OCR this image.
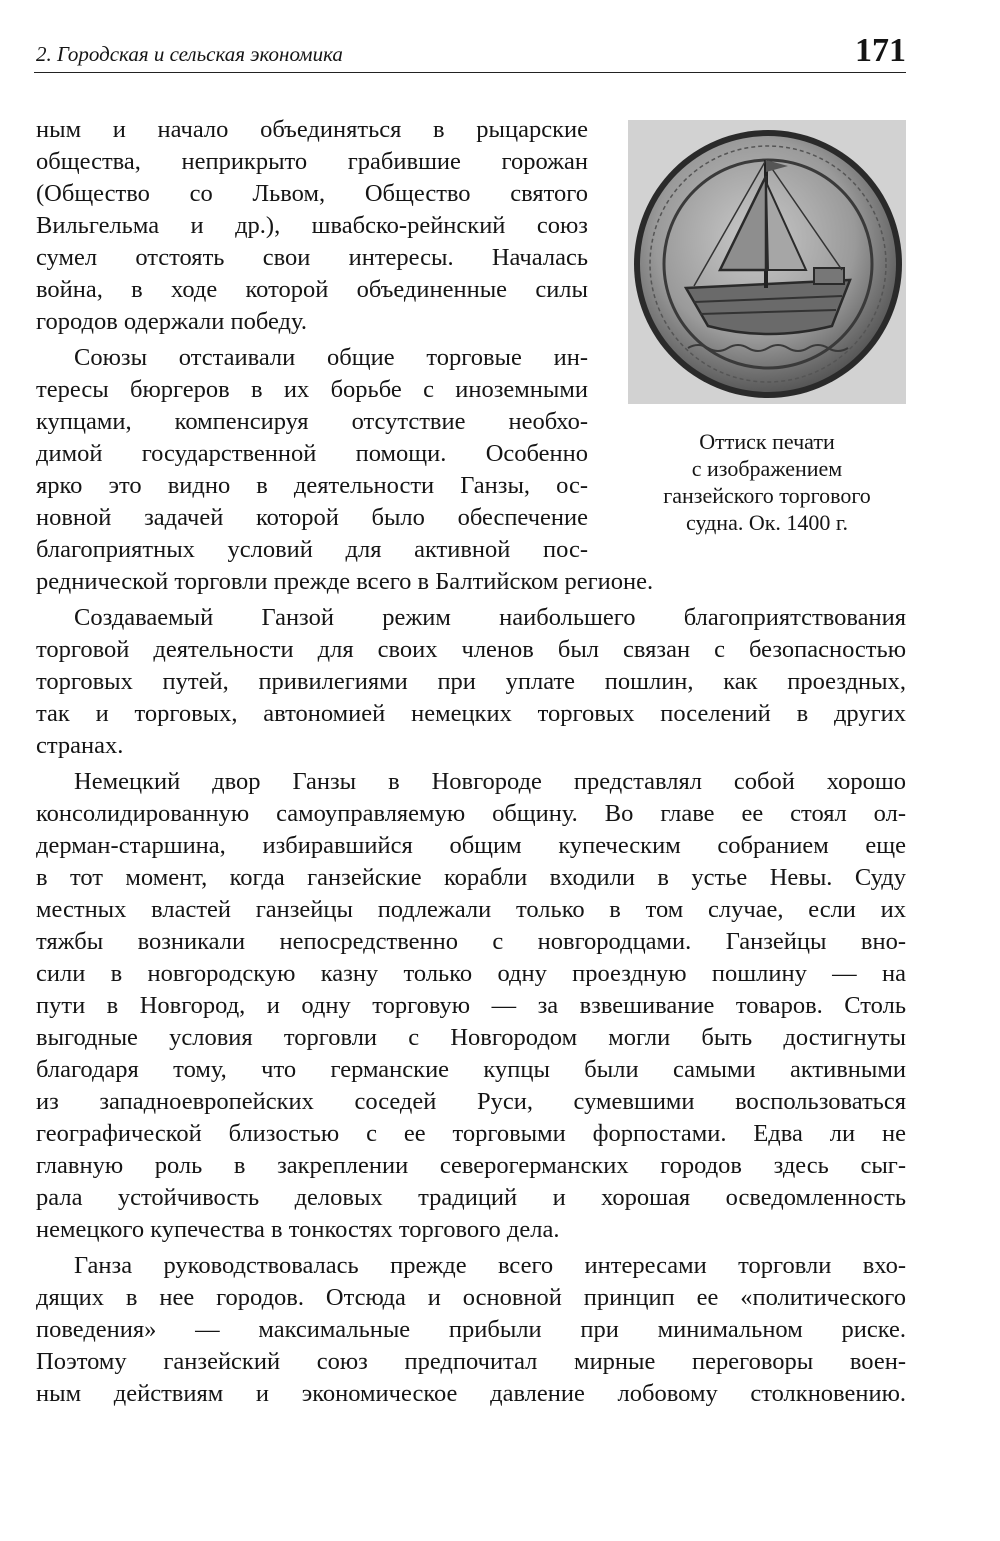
2. Городская и сельская экономика	171
Оттиск печати
с изображением
ганзейского торгового
судна. Ок. 1400 г.
ным и начало объединяться в рыцарские
общества, неприкрыто грабившие горожан
(Общество со Львом, Общество святого
Вильгельма и др.), швабско-рейнский союз
сумел отстоять свои интересы. Началась
война, в ходе которой объединенные силы
городов одержали победу.
Союзы отстаивали общие торговые ин-
тересы бюргеров в их борьбе с иноземными
купцами, компенсируя отсутствие необхо-
димой государственной помощи. Особенно
ярко это видно в деятельности Ганзы, ос-
новной задачей которой было обеспечение
благоприятных условий для активной пос-
реднической торговли прежде всего в Балтийском регионе.
Создаваемый Ганзой режим наибольшего благоприятствования
торговой деятельности для своих членов был связан с безопасностью
торговых путей, привилегиями при уплате пошлин, как проездных,
так и торговых, автономией немецких торговых поселений в других
странах.
Немецкий двор Ганзы в Новгороде представлял собой хорошо
консолидированную самоуправляемую общину. Во главе ее стоял ол-
дерман-старшина, избиравшийся общим купеческим собранием еще
в тот момент, когда ганзейские корабли входили в устье Невы. Суду
местных властей ганзейцы подлежали только в том случае, если их
тяжбы возникали непосредственно с новгородцами. Ганзейцы вно-
сили в новгородскую казну только одну проездную пошлину — на
пути в Новгород, и одну торговую — за взвешивание товаров. Столь
выгодные условия торговли с Новгородом могли быть достигнуты
благодаря тому, что германские купцы были самыми активными
из западноевропейских соседей Руси, сумевшими воспользоваться
географической близостью с ее торговыми форпостами. Едва ли не
главную роль в закреплении северогерманских городов здесь сыг-
рала устойчивость деловых традиций и хорошая осведомленность
немецкого купечества в тонкостях торгового дела.
Ганза руководствовалась прежде всего интересами торговли вхо-
дящих в нее городов. Отсюда и основной принцип ее «политического
поведения» — максимальные прибыли при минимальном риске.
Поэтому ганзейский союз предпочитал мирные переговоры воен-
ным действиям и экономическое давление лобовому столкновению.
